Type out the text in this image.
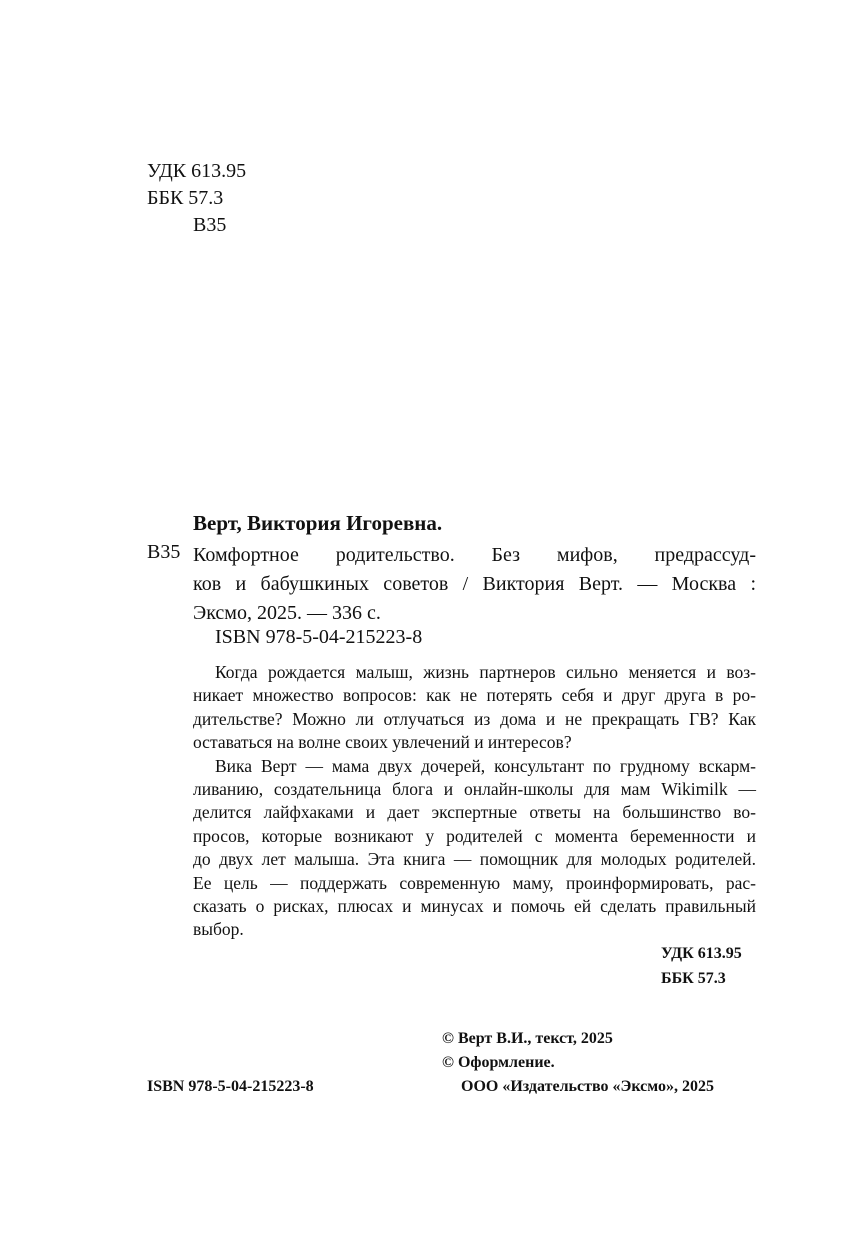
УДК 613.95
ББК 57.3
В35
Верт, Виктория Игоревна.
В35 Комфортное родительство. Без мифов, предрассуд-
ков и бабушкиных советов / Виктория Верт. — Москва :
Эксмо, 2025. — 336 с.
ISBN 978-5-04-215223-8
Когда рождается малыш, жизнь партнеров сильно меняется и воз-
никает множество вопросов: как не потерять себя и друг друга в ро-
дительстве? Можно ли отлучаться из дома и не прекращать ГВ? Как
оставаться на волне своих увлечений и интересов?
Вика Верт — мама двух дочерей, консультант по грудному вскарм-
ливанию, создательница блога и онлайн-школы для мам Wikimilk —
делится лайфхаками и дает экспертные ответы на большинство во-
просов, которые возникают у родителей с момента беременности и
до двух лет малыша. Эта книга — помощник для молодых родителей.
Ее цель — поддержать современную маму, проинформировать, рас-
сказать о рисках, плюсах и минусах и помочь ей сделать правильный
выбор.
УДК 613.95
ББК 57.3
© Верт В.И., текст, 2025
© Оформление.
ООО «Издательство «Эксмо», 2025
ISBN 978-5-04-215223-8
